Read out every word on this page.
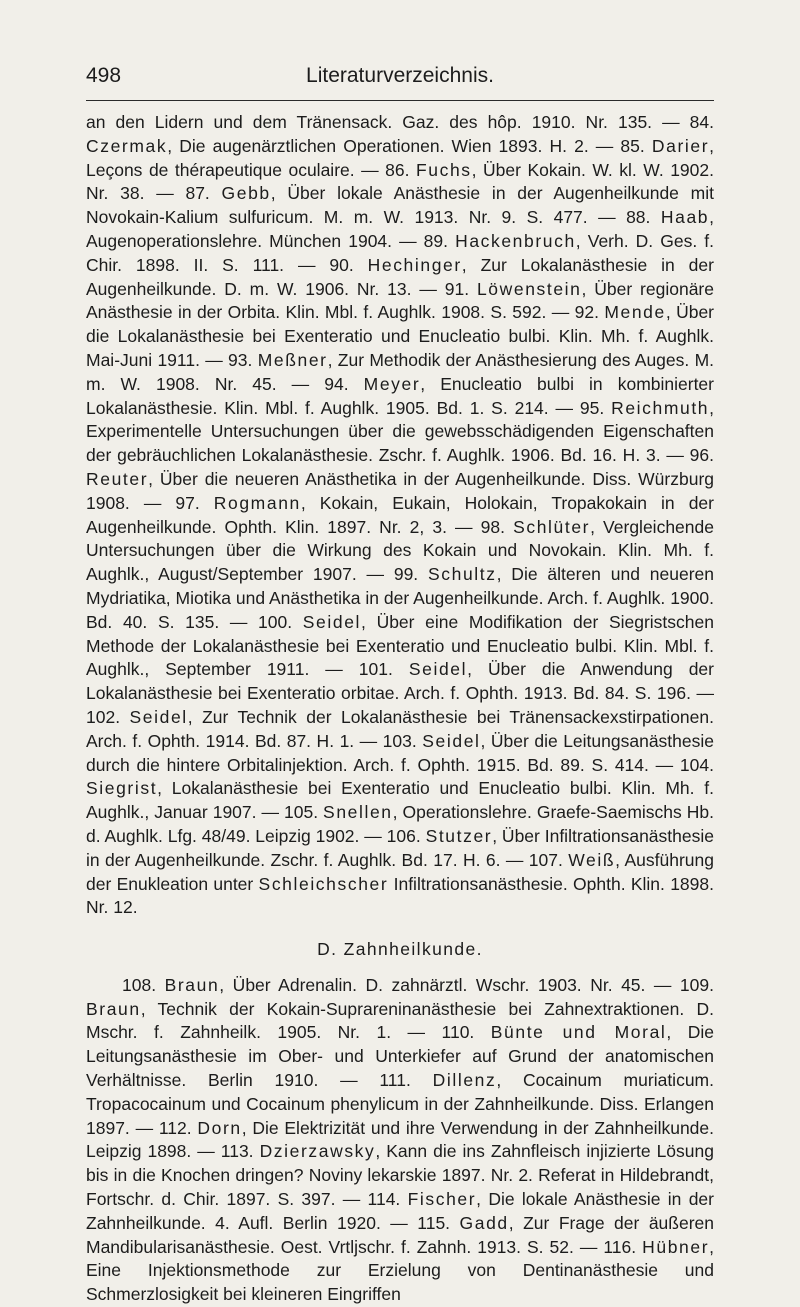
498	Literaturverzeichnis.

an den Lidern und dem Tränensack. Gaz. des hôp. 1910. Nr. 135. — 84. Czermak, Die augenärztlichen Operationen. Wien 1893. H. 2. — 85. Darier, Leçons de thérapeutique oculaire. — 86. Fuchs, Über Kokain. W. kl. W. 1902. Nr. 38. — 87. Gebb, Über lokale Anästhesie in der Augenheilkunde mit Novokain-Kalium sulfuricum. M. m. W. 1913. Nr. 9. S. 477. — 88. Haab, Augenoperationslehre. München 1904. — 89. Hackenbruch, Verh. D. Ges. f. Chir. 1898. II. S. 111. — 90. Hechinger, Zur Lokalanästhesie in der Augenheilkunde. D. m. W. 1906. Nr. 13. — 91. Löwenstein, Über regionäre Anästhesie in der Orbita. Klin. Mbl. f. Aughlk. 1908. S. 592. — 92. Mende, Über die Lokalanästhesie bei Exenteratio und Enucleatio bulbi. Klin. Mh. f. Aughlk. Mai-Juni 1911. — 93. Meßner, Zur Methodik der Anästhesierung des Auges. M. m. W. 1908. Nr. 45. — 94. Meyer, Enucleatio bulbi in kombinierter Lokalanästhesie. Klin. Mbl. f. Aughlk. 1905. Bd. 1. S. 214. — 95. Reichmuth, Experimentelle Untersuchungen über die gewebsschädigenden Eigenschaften der gebräuchlichen Lokalanästhesie. Zschr. f. Aughlk. 1906. Bd. 16. H. 3. — 96. Reuter, Über die neueren Anästhetika in der Augenheilkunde. Diss. Würzburg 1908. — 97. Rogmann, Kokain, Eukain, Holokain, Tropakokain in der Augenheilkunde. Ophth. Klin. 1897. Nr. 2, 3. — 98. Schlüter, Vergleichende Untersuchungen über die Wirkung des Kokain und Novokain. Klin. Mh. f. Aughlk., August/September 1907. — 99. Schultz, Die älteren und neueren Mydriatika, Miotika und Anästhetika in der Augenheilkunde. Arch. f. Aughlk. 1900. Bd. 40. S. 135. — 100. Seidel, Über eine Modifikation der Siegristschen Methode der Lokalanästhesie bei Exenteratio und Enucleatio bulbi. Klin. Mbl. f. Aughlk., September 1911. — 101. Seidel, Über die Anwendung der Lokalanästhesie bei Exenteratio orbitae. Arch. f. Ophth. 1913. Bd. 84. S. 196. — 102. Seidel, Zur Technik der Lokalanästhesie bei Tränensackexstirpationen. Arch. f. Ophth. 1914. Bd. 87. H. 1. — 103. Seidel, Über die Leitungsanästhesie durch die hintere Orbitalinjektion. Arch. f. Ophth. 1915. Bd. 89. S. 414. — 104. Siegrist, Lokalanästhesie bei Exenteratio und Enucleatio bulbi. Klin. Mh. f. Aughlk., Januar 1907. — 105. Snellen, Operationslehre. Graefe-Saemischs Hb. d. Aughlk. Lfg. 48/49. Leipzig 1902. — 106. Stutzer, Über Infiltrationsanästhesie in der Augenheilkunde. Zschr. f. Aughlk. Bd. 17. H. 6. — 107. Weiß, Ausführung der Enukleation unter Schleichscher Infiltrationsanästhesie. Ophth. Klin. 1898. Nr. 12.

D. Zahnheilkunde.

108. Braun, Über Adrenalin. D. zahnärztl. Wschr. 1903. Nr. 45. — 109. Braun, Technik der Kokain-Suprareninanästhesie bei Zahnextraktionen. D. Mschr. f. Zahnheilk. 1905. Nr. 1. — 110. Bünte und Moral, Die Leitungsanästhesie im Ober- und Unterkiefer auf Grund der anatomischen Verhältnisse. Berlin 1910. — 111. Dillenz, Cocainum muriaticum. Tropacocainum und Cocainum phenylicum in der Zahnheilkunde. Diss. Erlangen 1897. — 112. Dorn, Die Elektrizität und ihre Verwendung in der Zahnheilkunde. Leipzig 1898. — 113. Dzierzawsky, Kann die ins Zahnfleisch injizierte Lösung bis in die Knochen dringen? Noviny lekarskie 1897. Nr. 2. Referat in Hildebrandt, Fortschr. d. Chir. 1897. S. 397. — 114. Fischer, Die lokale Anästhesie in der Zahnheilkunde. 4. Aufl. Berlin 1920. — 115. Gadd, Zur Frage der äußeren Mandibularisanästhesie. Oest. Vrtljschr. f. Zahnh. 1913. S. 52. — 116. Hübner, Eine Injektionsmethode zur Erzielung von Dentinanästhesie und Schmerzlosigkeit bei kleineren Eingriffen
